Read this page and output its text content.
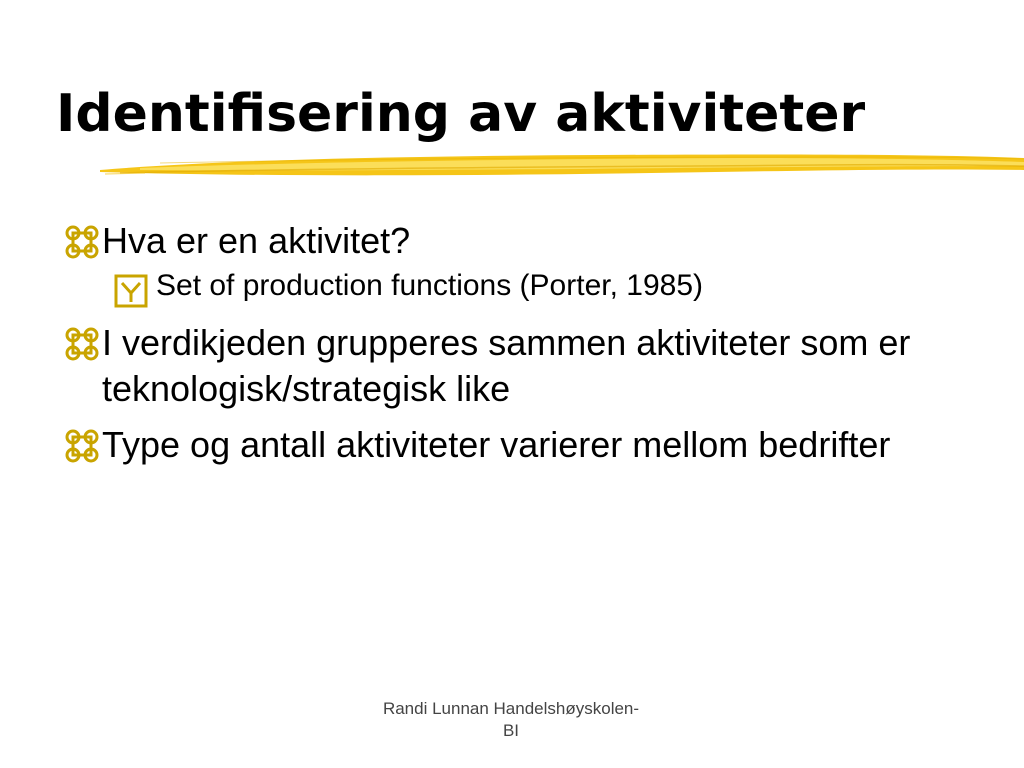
Identifisering av aktiviteter

Hva er en aktivitet?

Set of production functions (Porter, 1985)

I verdikjeden grupperes sammen aktiviteter som er teknologisk/strategisk like

Type og antall aktiviteter varierer mellom bedrifter

Randi Lunnan Handelshøyskolen-
BI
